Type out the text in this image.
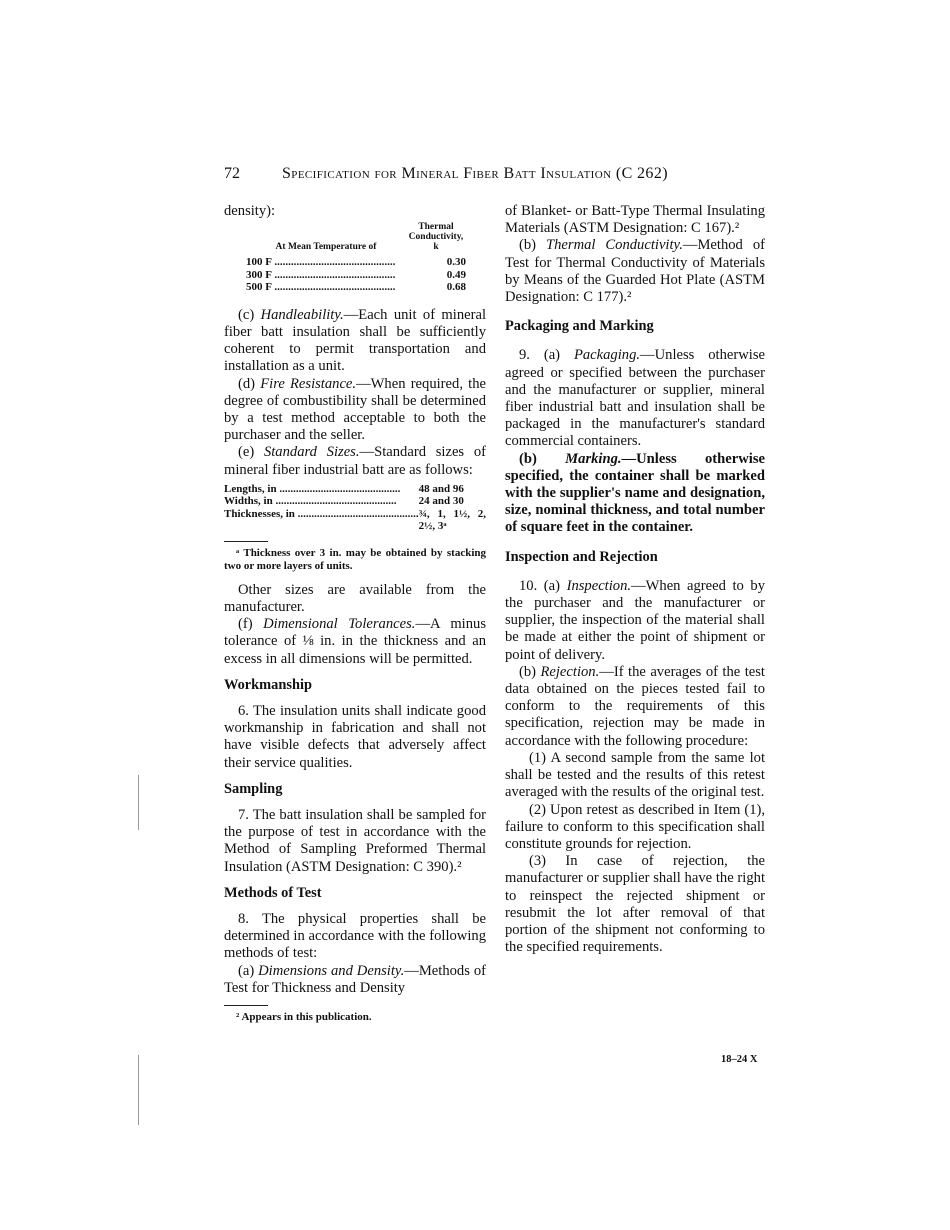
72	Specification for Mineral Fiber Batt Insulation (C 262)

density):

At Mean Temperature of	Thermal Conductivity, k
100 F .....	0.30
300 F .....	0.49
500 F .....	0.68

(c) Handleability.—Each unit of mineral fiber batt insulation shall be sufficiently coherent to permit transportation and installation as a unit.

(d) Fire Resistance.—When required, the degree of combustibility shall be determined by a test method acceptable to both the purchaser and the seller.

(e) Standard Sizes.—Standard sizes of mineral fiber industrial batt are as follows:

Lengths, in .....	48 and 96
Widths, in .....	24 and 30
Thicknesses, in .....	¾, 1, 1½, 2, 2½, 3ᵃ

ᵃ Thickness over 3 in. may be obtained by stacking two or more layers of units.

Other sizes are available from the manufacturer.

(f) Dimensional Tolerances.—A minus tolerance of ⅛ in. in the thickness and an excess in all dimensions will be permitted.

Workmanship

6. The insulation units shall indicate good workmanship in fabrication and shall not have visible defects that adversely affect their service qualities.

Sampling

7. The batt insulation shall be sampled for the purpose of test in accordance with the Method of Sampling Preformed Thermal Insulation (ASTM Designation: C 390).²

Methods of Test

8. The physical properties shall be determined in accordance with the following methods of test:

(a) Dimensions and Density.—Methods of Test for Thickness and Density

² Appears in this publication.

of Blanket- or Batt-Type Thermal Insulating Materials (ASTM Designation: C 167).²

(b) Thermal Conductivity.—Method of Test for Thermal Conductivity of Materials by Means of the Guarded Hot Plate (ASTM Designation: C 177).²

Packaging and Marking

9. (a) Packaging.—Unless otherwise agreed or specified between the purchaser and the manufacturer or supplier, mineral fiber industrial batt and insulation shall be packaged in the manufacturer's standard commercial containers.

(b) Marking.—Unless otherwise specified, the container shall be marked with the supplier's name and designation, size, nominal thickness, and total number of square feet in the container.

Inspection and Rejection

10. (a) Inspection.—When agreed to by the purchaser and the manufacturer or supplier, the inspection of the material shall be made at either the point of shipment or point of delivery.

(b) Rejection.—If the averages of the test data obtained on the pieces tested fail to conform to the requirements of this specification, rejection may be made in accordance with the following procedure:

(1) A second sample from the same lot shall be tested and the results of this retest averaged with the results of the original test.

(2) Upon retest as described in Item (1), failure to conform to this specification shall constitute grounds for rejection.

(3) In case of rejection, the manufacturer or supplier shall have the right to reinspect the rejected shipment or resubmit the lot after removal of that portion of the shipment not conforming to the specified requirements.

18–24 X
